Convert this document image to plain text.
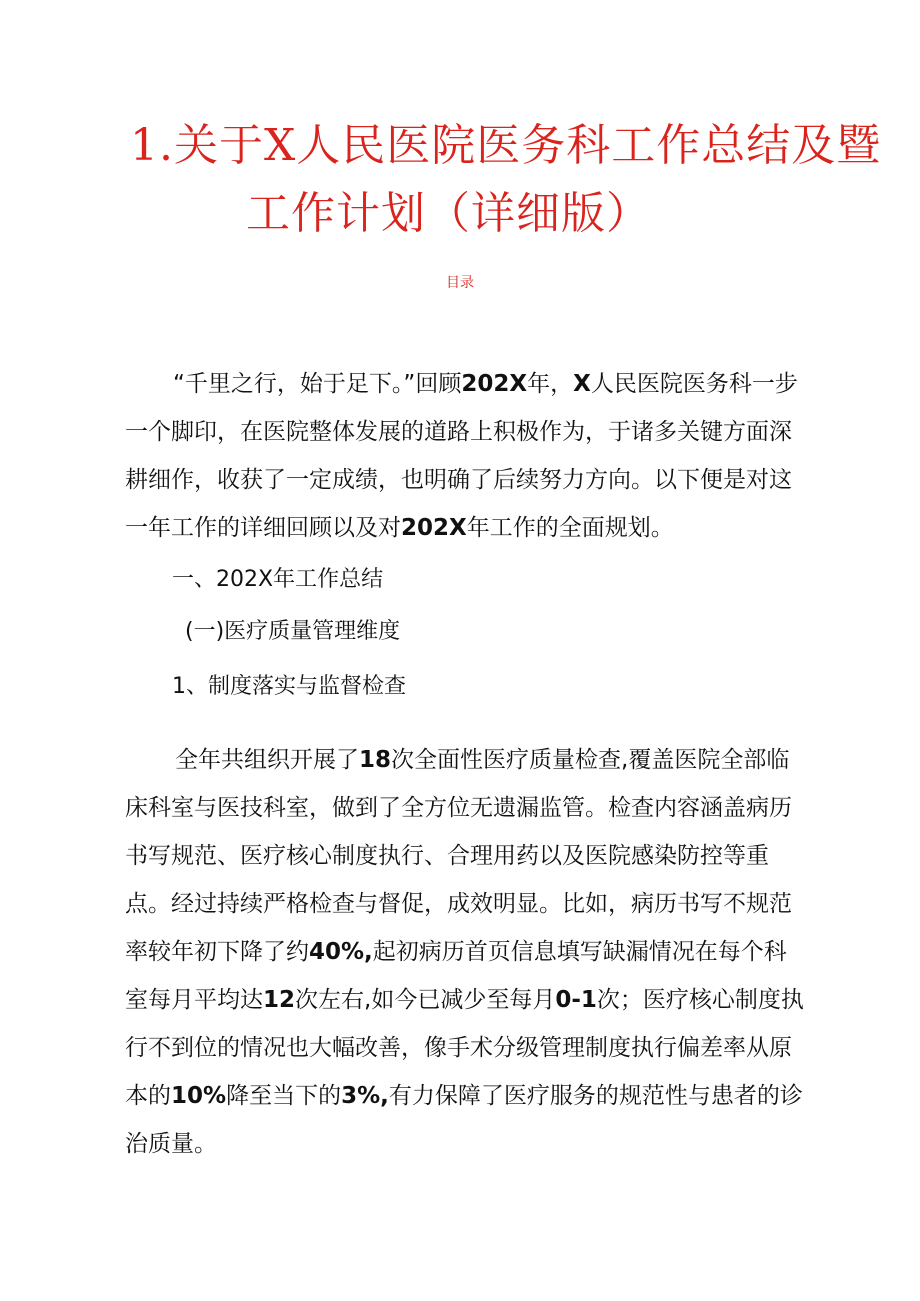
1.关于X人民医院医务科工作总结及暨
工作计划（详细版）
目录

“千里之行，始于足下。”回顾202X年，X人民医院医务科一步一个脚印，在医院整体发展的道路上积极作为，于诸多关键方面深耕细作，收获了一定成绩，也明确了后续努力方向。以下便是对这一年工作的详细回顾以及对202X年工作的全面规划。

一、202X年工作总结
(一)医疗质量管理维度
1、制度落实与监督检查

全年共组织开展了18次全面性医疗质量检查,覆盖医院全部临床科室与医技科室，做到了全方位无遗漏监管。检查内容涵盖病历书写规范、医疗核心制度执行、合理用药以及医院感染防控等重点。经过持续严格检查与督促，成效明显。比如，病历书写不规范率较年初下降了约40%,起初病历首页信息填写缺漏情况在每个科室每月平均达12次左右,如今已减少至每月0-1次；医疗核心制度执行不到位的情况也大幅改善，像手术分级管理制度执行偏差率从原本的10%降至当下的3%,有力保障了医疗服务的规范性与患者的诊治质量。
